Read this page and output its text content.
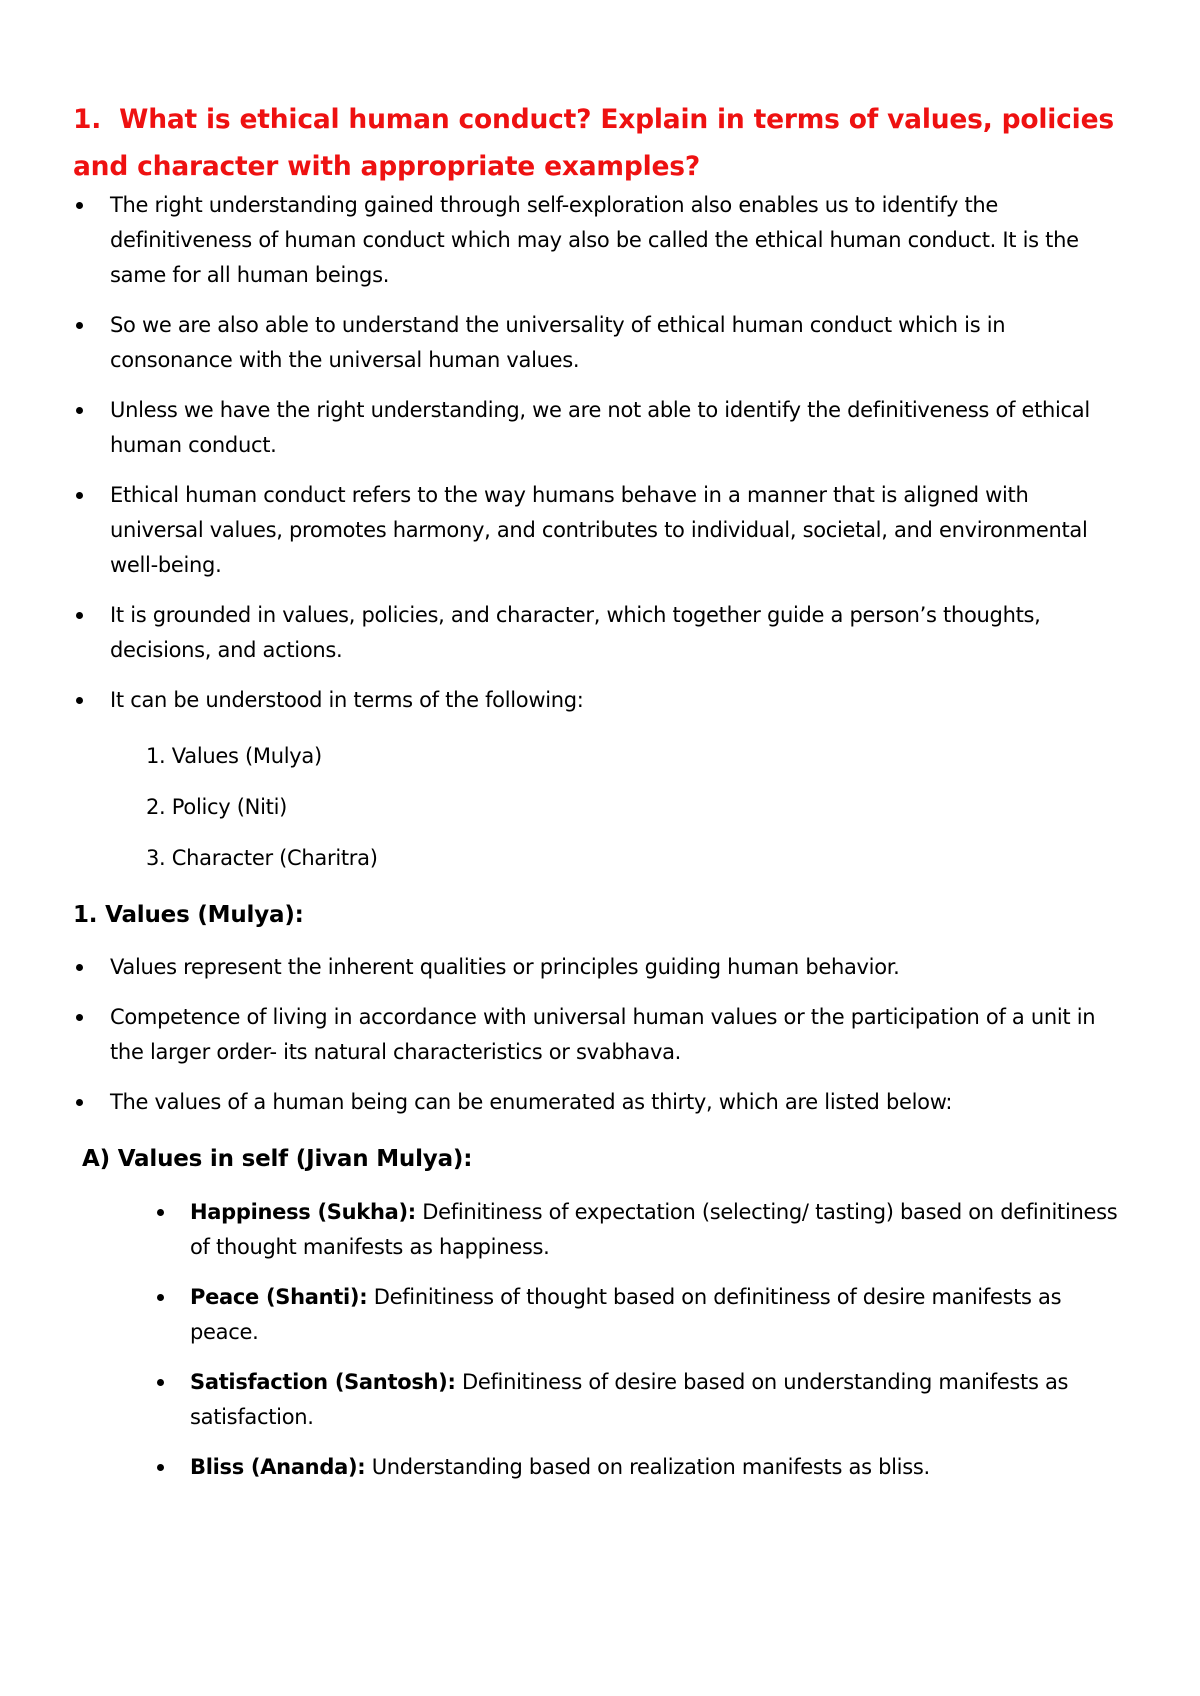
1. What is ethical human conduct? Explain in terms of values, policies and character with appropriate examples?
The right understanding gained through self-exploration also enables us to identify the definitiveness of human conduct which may also be called the ethical human conduct. It is the same for all human beings.
So we are also able to understand the universality of ethical human conduct which is in consonance with the universal human values.
Unless we have the right understanding, we are not able to identify the definitiveness of ethical human conduct.
Ethical human conduct refers to the way humans behave in a manner that is aligned with universal values, promotes harmony, and contributes to individual, societal, and environmental well-being.
It is grounded in values, policies, and character, which together guide a person’s thoughts, decisions, and actions.
It can be understood in terms of the following:
1. Values (Mulya)
2. Policy (Niti)
3. Character (Charitra)
1. Values (Mulya):
Values represent the inherent qualities or principles guiding human behavior.
Competence of living in accordance with universal human values or the participation of a unit in the larger order- its natural characteristics or svabhava.
The values of a human being can be enumerated as thirty, which are listed below:
A) Values in self (Jivan Mulya):
Happiness (Sukha): Definitiness of expectation (selecting/ tasting) based on definitiness of thought manifests as happiness.
Peace (Shanti): Definitiness of thought based on definitiness of desire manifests as peace.
Satisfaction (Santosh): Definitiness of desire based on understanding manifests as satisfaction.
Bliss (Ananda): Understanding based on realization manifests as bliss.
